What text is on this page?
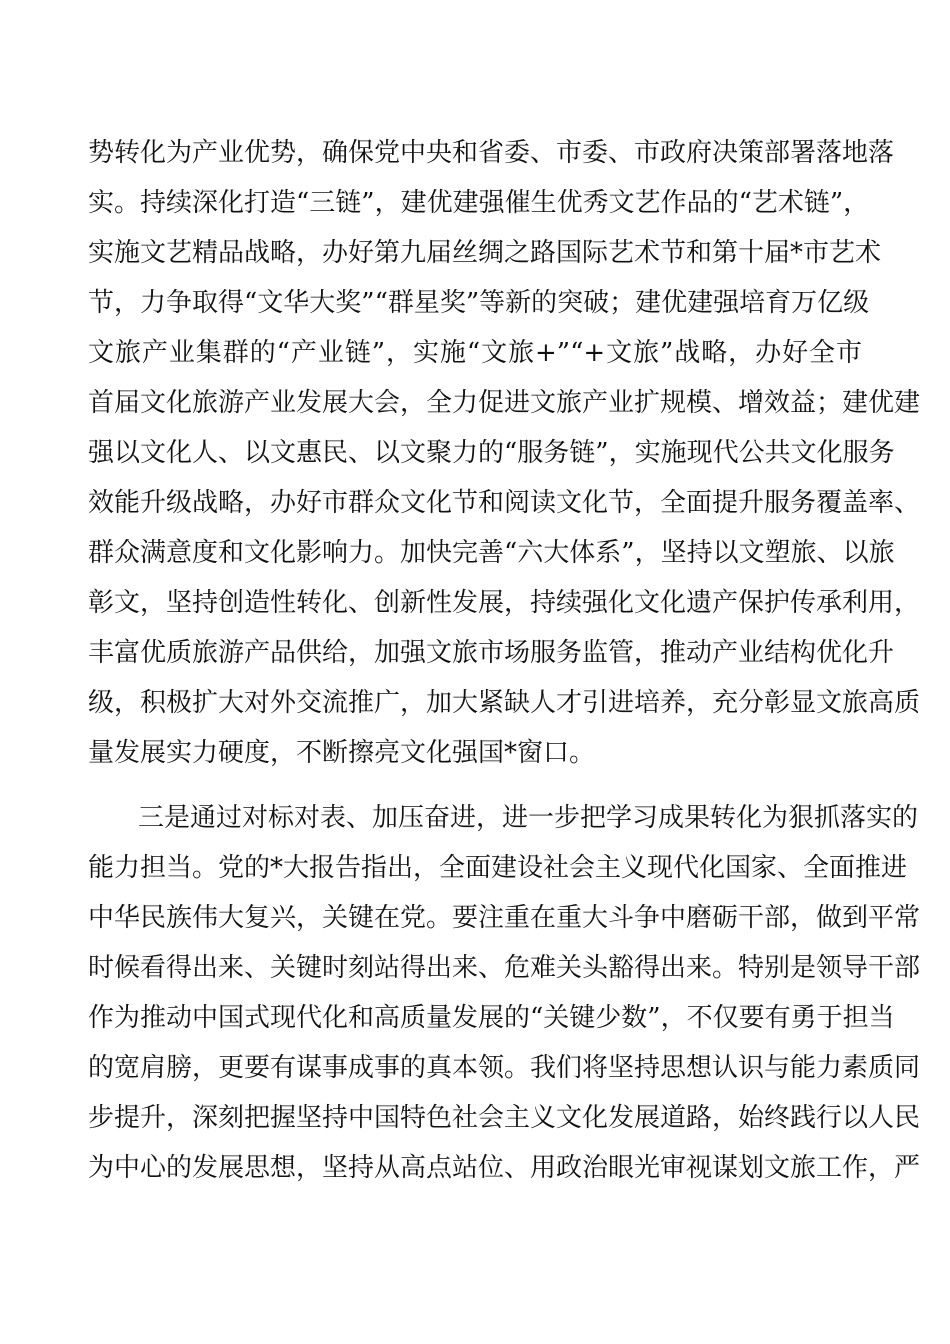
势转化为产业优势，确保党中央和省委、市委、市政府决策部署落地落
实。持续深化打造“三链”，建优建强催生优秀文艺作品的“艺术链”，
实施文艺精品战略，办好第九届丝绸之路国际艺术节和第十届*市艺术
节，力争取得“文华大奖”“群星奖”等新的突破；建优建强培育万亿级
文旅产业集群的“产业链”，实施“文旅+”“+文旅”战略，办好全市
首届文化旅游产业发展大会，全力促进文旅产业扩规模、增效益；建优建
强以文化人、以文惠民、以文聚力的“服务链”，实施现代公共文化服务
效能升级战略，办好市群众文化节和阅读文化节，全面提升服务覆盖率、
群众满意度和文化影响力。加快完善“六大体系”，坚持以文塑旅、以旅
彰文，坚持创造性转化、创新性发展，持续强化文化遗产保护传承利用，
丰富优质旅游产品供给，加强文旅市场服务监管，推动产业结构优化升
级，积极扩大对外交流推广，加大紧缺人才引进培养，充分彰显文旅高质
量发展实力硬度，不断擦亮文化强国*窗口。
三是通过对标对表、加压奋进，进一步把学习成果转化为狠抓落实的
能力担当。党的*大报告指出，全面建设社会主义现代化国家、全面推进
中华民族伟大复兴，关键在党。要注重在重大斗争中磨砺干部，做到平常
时候看得出来、关键时刻站得出来、危难关头豁得出来。特别是领导干部
作为推动中国式现代化和高质量发展的“关键少数”，不仅要有勇于担当
的宽肩膀，更要有谋事成事的真本领。我们将坚持思想认识与能力素质同
步提升，深刻把握坚持中国特色社会主义文化发展道路，始终践行以人民
为中心的发展思想，坚持从高点站位、用政治眼光审视谋划文旅工作，严
